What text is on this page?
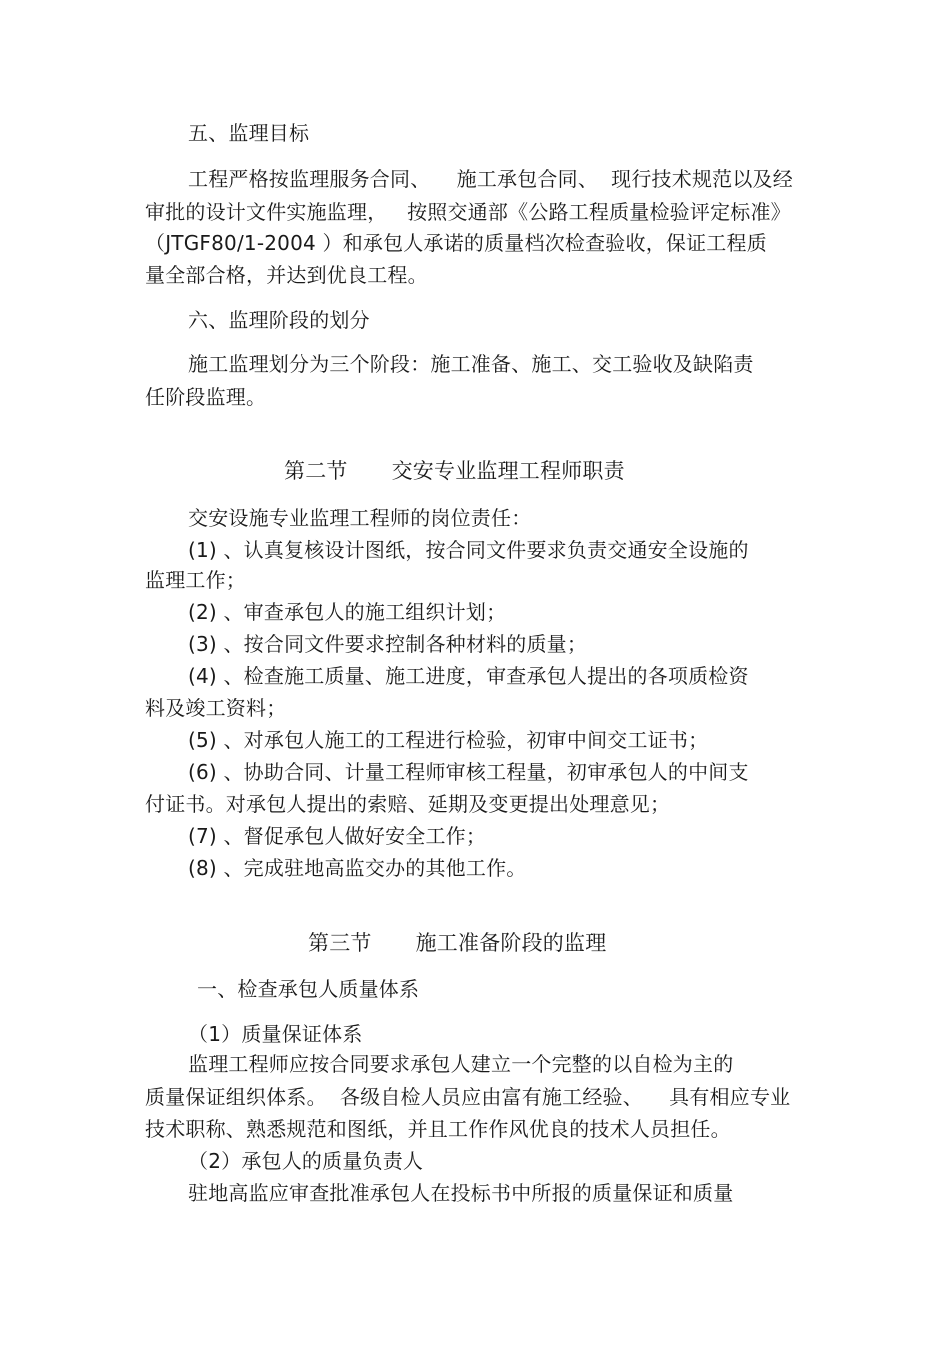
五、监理目标
工程严格按监理服务合同、    施工承包合同、  现行技术规范以及经
审批的设计文件实施监理，   按照交通部《公路工程质量检验评定标准》
（JTGF80/1-2004 ）和承包人承诺的质量档次检查验收，保证工程质
量全部合格，并达到优良工程。
六、监理阶段的划分
施工监理划分为三个阶段：施工准备、施工、交工验收及缺陷责
任阶段监理。
第二节 交安专业监理工程师职责
交安设施专业监理工程师的岗位责任：
(1) 、认真复核设计图纸，按合同文件要求负责交通安全设施的
监理工作；
(2) 、审查承包人的施工组织计划；
(3) 、按合同文件要求控制各种材料的质量；
(4) 、检查施工质量、施工进度，审查承包人提出的各项质检资
料及竣工资料；
(5) 、对承包人施工的工程进行检验，初审中间交工证书；
(6) 、协助合同、计量工程师审核工程量，初审承包人的中间支
付证书。对承包人提出的索赔、延期及变更提出处理意见；
(7) 、督促承包人做好安全工作；
(8) 、完成驻地高监交办的其他工作。
第三节 施工准备阶段的监理
一、检查承包人质量体系
（1）质量保证体系
监理工程师应按合同要求承包人建立一个完整的以自检为主的
质量保证组织体系。  各级自检人员应由富有施工经验、    具有相应专业
技术职称、熟悉规范和图纸，并且工作作风优良的技术人员担任。
（2）承包人的质量负责人
驻地高监应审查批准承包人在投标书中所报的质量保证和质量
